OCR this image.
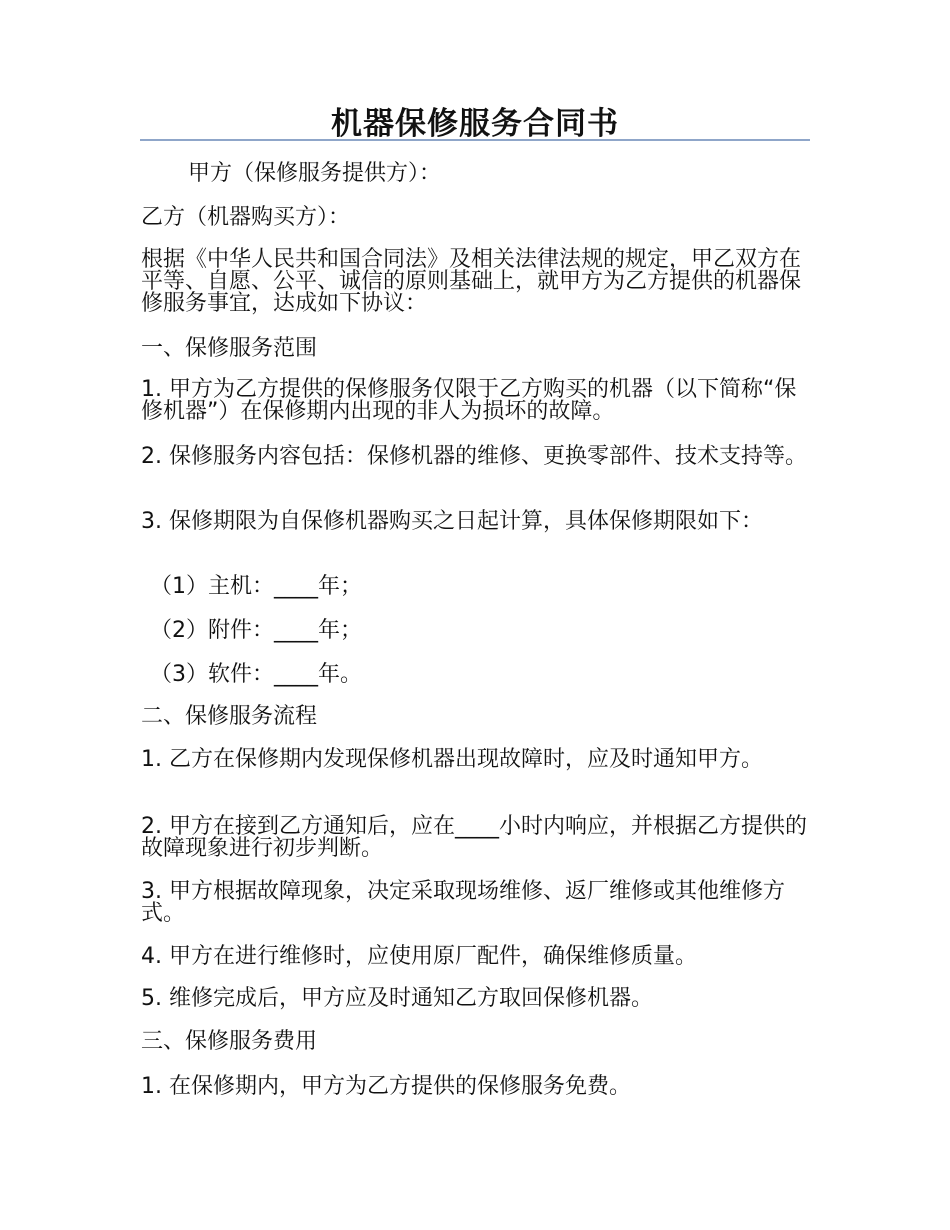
机器保修服务合同书

甲方（保修服务提供方）：

乙方（机器购买方）：

根据《中华人民共和国合同法》及相关法律法规的规定，甲乙双方在平等、自愿、公平、诚信的原则基础上，就甲方为乙方提供的机器保修服务事宜，达成如下协议：

一、保修服务范围

1. 甲方为乙方提供的保修服务仅限于乙方购买的机器（以下简称“保修机器”）在保修期内出现的非人为损坏的故障。

2. 保修服务内容包括：保修机器的维修、更换零部件、技术支持等。

3. 保修期限为自保修机器购买之日起计算，具体保修期限如下：

（1）主机：____年；

（2）附件：____年；

（3）软件：____年。

二、保修服务流程

1. 乙方在保修期内发现保修机器出现故障时，应及时通知甲方。

2. 甲方在接到乙方通知后，应在____小时内响应，并根据乙方提供的故障现象进行初步判断。

3. 甲方根据故障现象，决定采取现场维修、返厂维修或其他维修方式。

4. 甲方在进行维修时，应使用原厂配件，确保维修质量。

5. 维修完成后，甲方应及时通知乙方取回保修机器。

三、保修服务费用

1. 在保修期内，甲方为乙方提供的保修服务免费。
